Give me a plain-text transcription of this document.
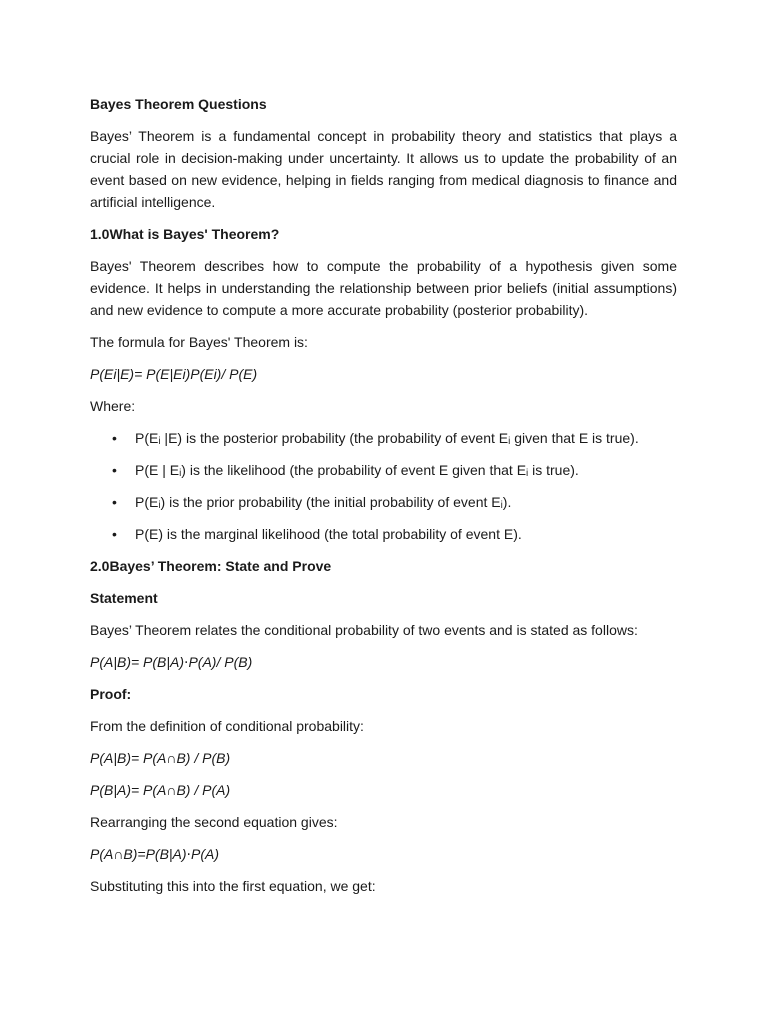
Bayes Theorem Questions

Bayes’ Theorem is a fundamental concept in probability theory and statistics that plays a crucial role in decision-making under uncertainty. It allows us to update the probability of an event based on new evidence, helping in fields ranging from medical diagnosis to finance and artificial intelligence.

1.0What is Bayes' Theorem?

Bayes' Theorem describes how to compute the probability of a hypothesis given some evidence. It helps in understanding the relationship between prior beliefs (initial assumptions) and new evidence to compute a more accurate probability (posterior probability).

The formula for Bayes' Theorem is:

P(Ei|E)= P(E|Ei)P(Ei)/ P(E)

Where:

• P(Eᵢ |E) is the posterior probability (the probability of event Eᵢ given that E is true).
• P(E | Eᵢ) is the likelihood (the probability of event E given that Eᵢ is true).
• P(Eᵢ) is the prior probability (the initial probability of event Eᵢ).
• P(E) is the marginal likelihood (the total probability of event E).

2.0Bayes’ Theorem: State and Prove

Statement

Bayes’ Theorem relates the conditional probability of two events and is stated as follows:

P(A|B)= P(B|A)⋅P(A)/ P(B)

Proof:

From the definition of conditional probability:

P(A|B)= P(A∩B) / P(B)

P(B|A)= P(A∩B) / P(A)

Rearranging the second equation gives:

P(A∩B)=P(B|A)⋅P(A)

Substituting this into the first equation, we get:
